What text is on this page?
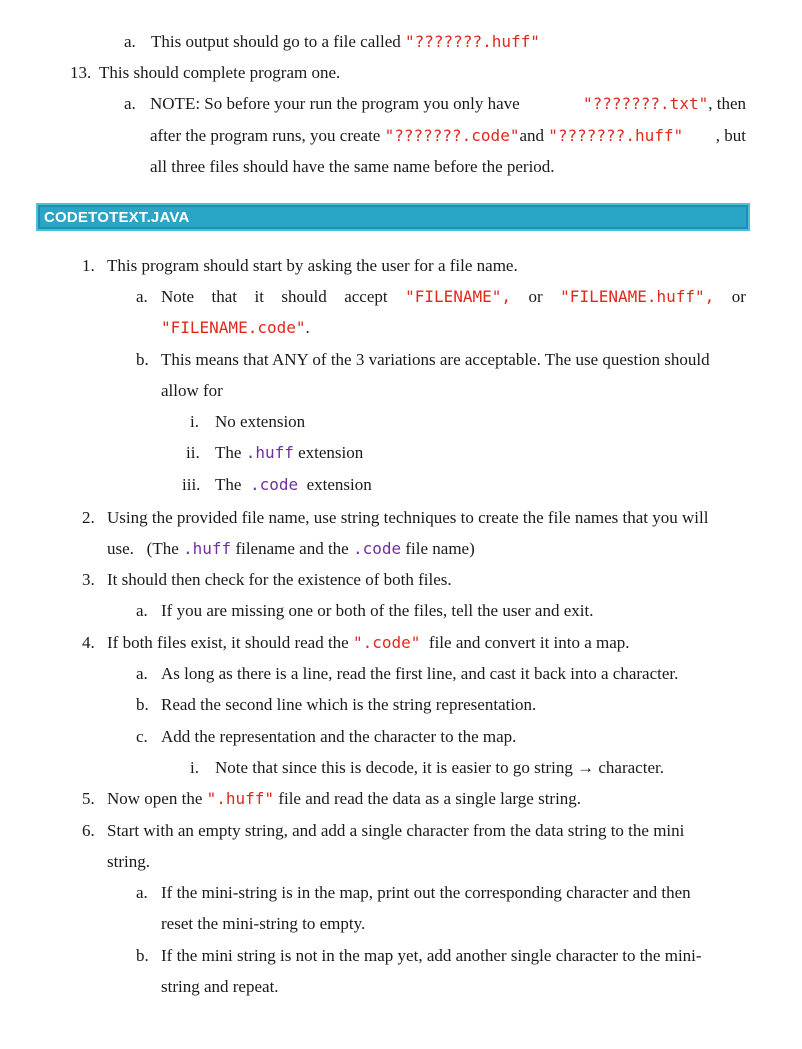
a. This output should go to a file called "???????.huff"
13. This should complete program one.
a. NOTE: So before your run the program you only have	"???????.txt", then
after the program runs, you create "???????.code"and "???????.huff" , but
all three files should have the same name before the period.
CODETOTEXT.JAVA
1. This program should start by asking the user for a file name.
a. Note that it should accept "FILENAME", or "FILENAME.huff", or
"FILENAME.code".
b. This means that ANY of the 3 variations are acceptable. The use question should
allow for
i. No extension
ii. The .huff extension
iii. The  .code  extension
2. Using the provided file name, use string techniques to create the file names that you will
use.   (The .huff filename and the .code file name)
3. It should then check for the existence of both files.
a. If you are missing one or both of the files, tell the user and exit.
4. If both files exist, it should read the ".code"  file and convert it into a map.
a. As long as there is a line, read the first line, and cast it back into a character.
b. Read the second line which is the string representation.
c. Add the representation and the character to the map.
i. Note that since this is decode, it is easier to go string → character.
5. Now open the ".huff" file and read the data as a single large string.
6. Start with an empty string, and add a single character from the data string to the mini
string.
a. If the mini-string is in the map, print out the corresponding character and then
reset the mini-string to empty.
b. If the mini string is not in the map yet, add another single character to the mini-
string and repeat.
